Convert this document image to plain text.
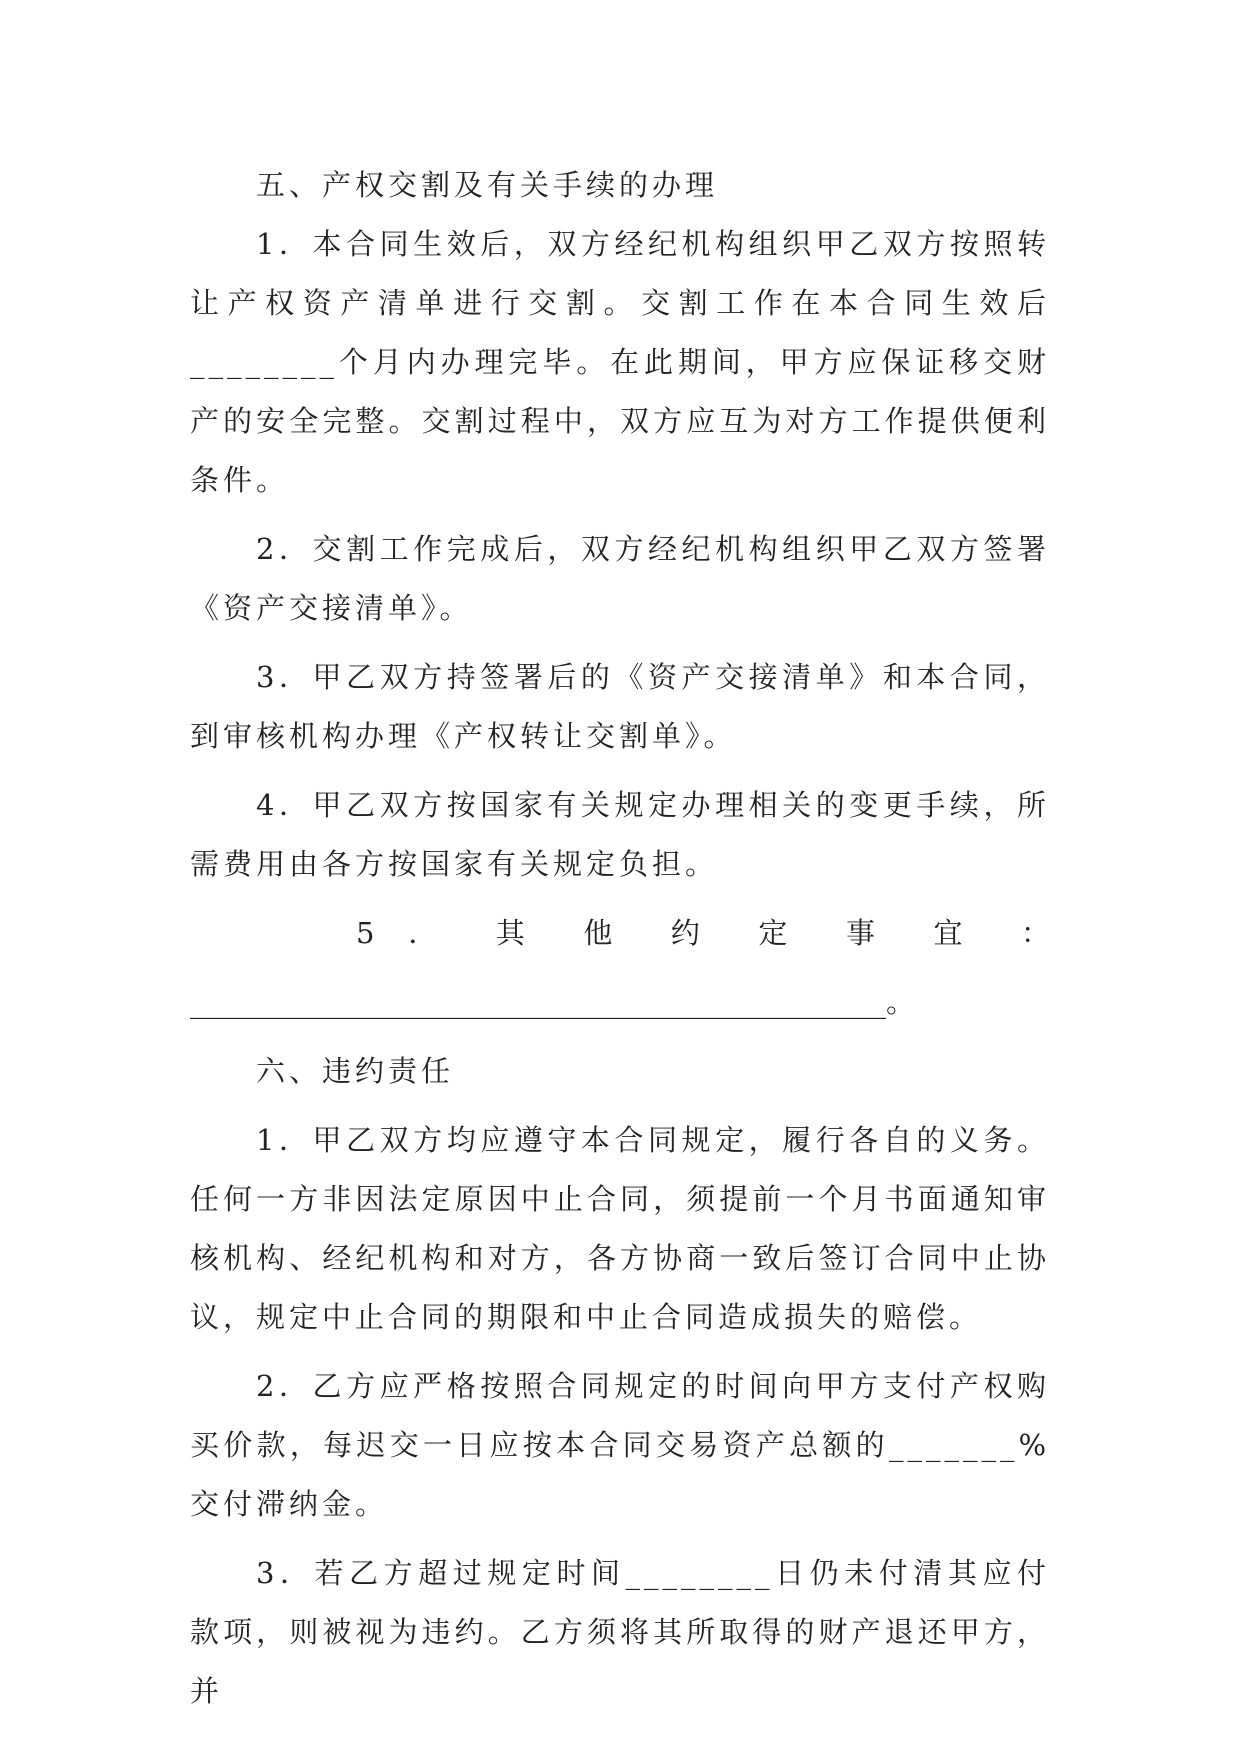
五、产权交割及有关手续的办理

1．本合同生效后，双方经纪机构组织甲乙双方按照转让产权资产清单进行交割。交割工作在本合同生效后________个月内办理完毕。在此期间，甲方应保证移交财产的安全完整。交割过程中，双方应互为对方工作提供便利条件。

2．交割工作完成后，双方经纪机构组织甲乙双方签署《资产交接清单》。

3．甲乙双方持签署后的《资产交接清单》和本合同，到审核机构办理《产权转让交割单》。

4．甲乙双方按国家有关规定办理相关的变更手续，所需费用由各方按国家有关规定负担。

5 ． 其 他 约 定 事 宜 ：

________________________________________________。

六、违约责任

1．甲乙双方均应遵守本合同规定，履行各自的义务。任何一方非因法定原因中止合同，须提前一个月书面通知审核机构、经纪机构和对方，各方协商一致后签订合同中止协议，规定中止合同的期限和中止合同造成损失的赔偿。

2．乙方应严格按照合同规定的时间向甲方支付产权购买价款，每迟交一日应按本合同交易资产总额的_______%交付滞纳金。

3．若乙方超过规定时间________日仍未付清其应付款项，则被视为违约。乙方须将其所取得的财产退还甲方，并
